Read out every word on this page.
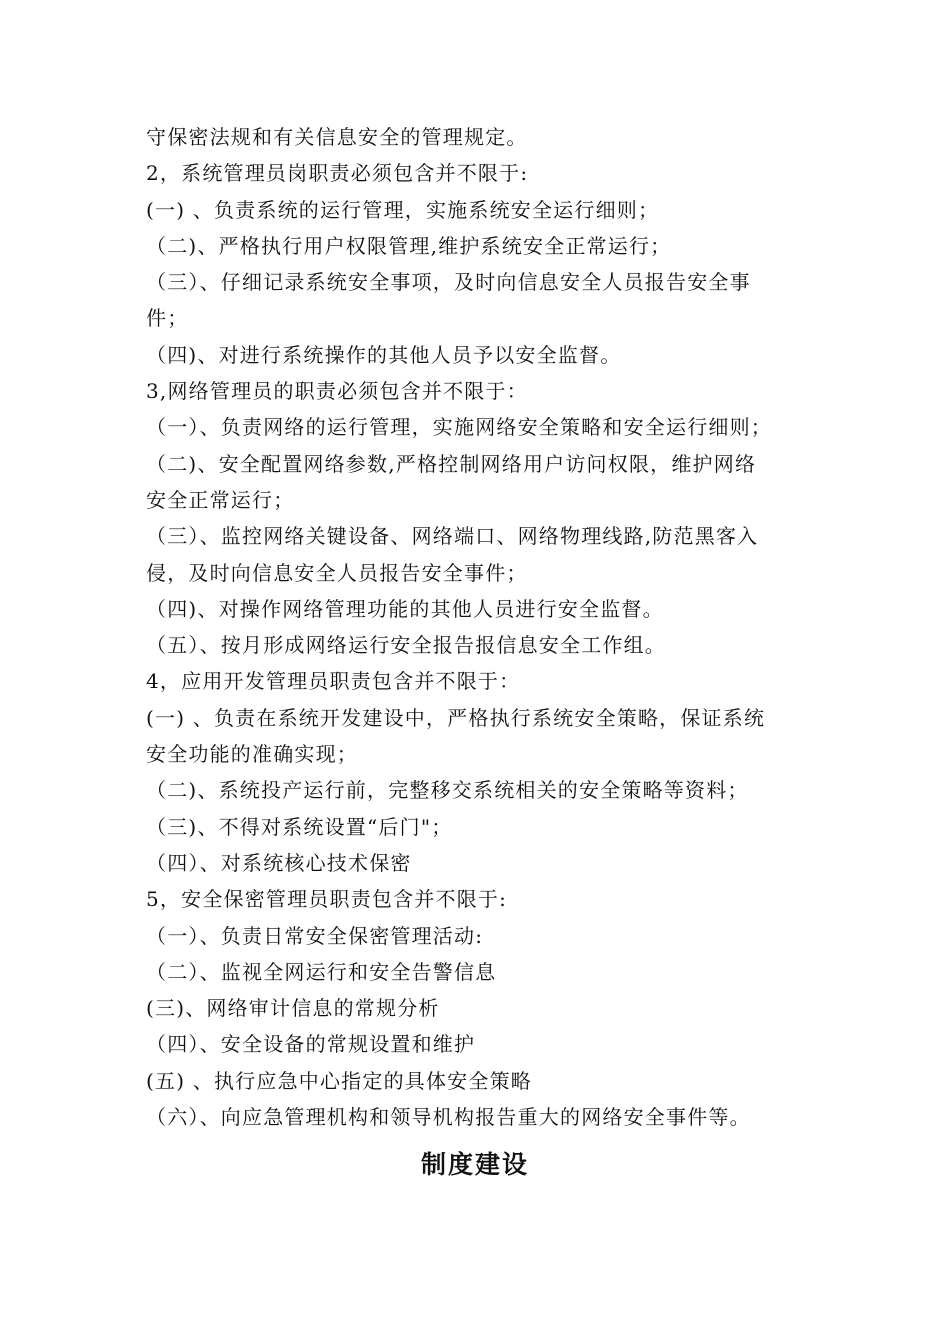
守保密法规和有关信息安全的管理规定。
2，系统管理员岗职责必须包含并不限于:
(一) 、负责系统的运行管理，实施系统安全运行细则；
（二)、严格执行用户权限管理,维护系统安全正常运行；
（三）、仔细记录系统安全事项，及时向信息安全人员报告安全事
件；
（四)、对进行系统操作的其他人员予以安全监督。
3,网络管理员的职责必须包含并不限于：
（一）、负责网络的运行管理，实施网络安全策略和安全运行细则；
（二)、安全配置网络参数,严格控制网络用户访问权限，维护网络
安全正常运行；
（三）、监控网络关键设备、网络端口、网络物理线路,防范黑客入
侵，及时向信息安全人员报告安全事件；
（四)、对操作网络管理功能的其他人员进行安全监督。
（五）、按月形成网络运行安全报告报信息安全工作组。
4，应用开发管理员职责包含并不限于：
(一) 、负责在系统开发建设中，严格执行系统安全策略，保证系统
安全功能的准确实现；
（二)、系统投产运行前，完整移交系统相关的安全策略等资料；
（三)、不得对系统设置“后门"；
（四）、对系统核心技术保密
5，安全保密管理员职责包含并不限于:
（一）、负责日常安全保密管理活动:
（二）、监视全网运行和安全告警信息
(三)、网络审计信息的常规分析
（四）、安全设备的常规设置和维护
(五) 、执行应急中心指定的具体安全策略
（六）、向应急管理机构和领导机构报告重大的网络安全事件等。
制度建设
